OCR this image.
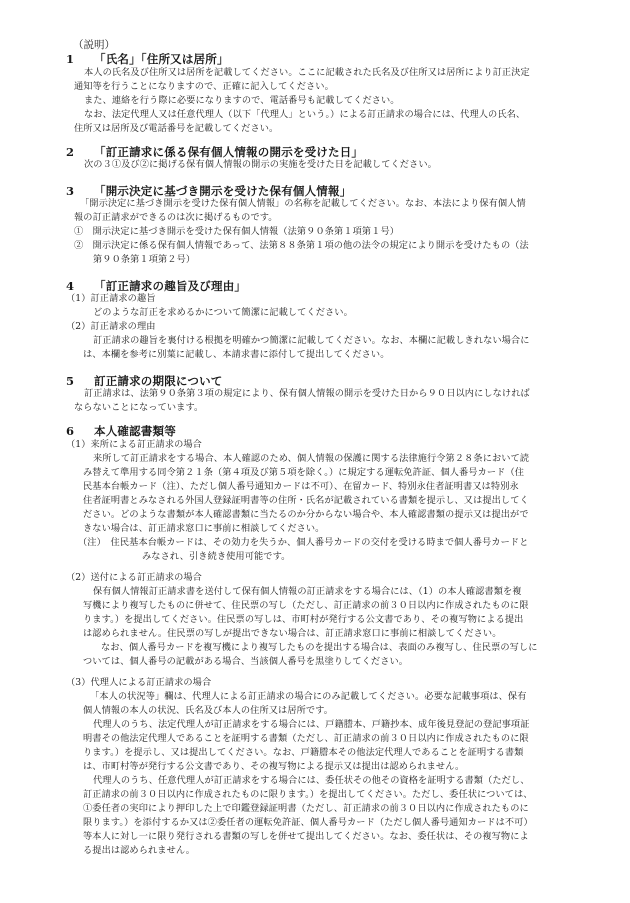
（説明）
1 「氏名」「住所又は居所」
本人の氏名及び住所又は居所を記載してください。ここに記載された氏名及び住所又は居所により訂正決定
通知等を行うことになりますので、正確に記入してください。
また、連絡を行う際に必要になりますので、電話番号も記載してください。
なお、法定代理人又は任意代理人（以下「代理人」という。）による訂正請求の場合には、代理人の氏名、
住所又は居所及び電話番号を記載してください。
2 「訂正請求に係る保有個人情報の開示を受けた日」
次の３①及び②に掲げる保有個人情報の開示の実施を受けた日を記載してください。
3 「開示決定に基づき開示を受けた保有個人情報」
「開示決定に基づき開示を受けた保有個人情報」の名称を記載してください。なお、本法により保有個人情
報の訂正請求ができるのは次に掲げるものです。
①　開示決定に基づき開示を受けた保有個人情報（法第９０条第１項第１号）
②　開示決定に係る保有個人情報であって、法第８８条第１項の他の法令の規定により開示を受けたもの（法
第９０条第１項第２号）
4 「訂正請求の趣旨及び理由」
（1）訂正請求の趣旨
どのような訂正を求めるかについて簡潔に記載してください。
（2）訂正請求の理由
訂正請求の趣旨を裏付ける根拠を明確かつ簡潔に記載してください。なお、本欄に記載しきれない場合に
は、本欄を参考に別葉に記載し、本請求書に添付して提出してください。
5 訂正請求の期限について
訂正請求は、法第９０条第３項の規定により、保有個人情報の開示を受けた日から９０日以内にしなければ
ならないことになっています。
6 本人確認書類等
（1）来所による訂正請求の場合
来所して訂正請求をする場合、本人確認のため、個人情報の保護に関する法律施行令第２８条において読
み替えて準用する同令第２１条（第４項及び第５項を除く。）に規定する運転免許証、個人番号カード（住
民基本台帳カード（注）、ただし個人番号通知カードは不可）、在留カード、特別永住者証明書又は特別永
住者証明書とみなされる外国人登録証明書等の住所・氏名が記載されている書類を提示し、又は提出してく
ださい。どのような書類が本人確認書類に当たるのか分からない場合や、本人確認書類の提示又は提出がで
きない場合は、訂正請求窓口に事前に相談してください。
（注）　住民基本台帳カードは、その効力を失うか、個人番号カードの交付を受ける時まで個人番号カードと
みなされ、引き続き使用可能です。
（2）送付による訂正請求の場合
保有個人情報訂正請求書を送付して保有個人情報の訂正請求をする場合には、（1）の本人確認書類を複
写機により複写したものに併せて、住民票の写し（ただし、訂正請求の前３０日以内に作成されたものに限
ります。）を提出してください。住民票の写しは、市町村が発行する公文書であり、その複写物による提出
は認められません。住民票の写しが提出できない場合は、訂正請求窓口に事前に相談してください。
なお、個人番号カードを複写機により複写したものを提出する場合は、表面のみ複写し、住民票の写しに
ついては、個人番号の記載がある場合、当該個人番号を黒塗りしてください。
（3）代理人による訂正請求の場合
「本人の状況等」欄は、代理人による訂正請求の場合にのみ記載してください。必要な記載事項は、保有
個人情報の本人の状況、氏名及び本人の住所又は居所です。
代理人のうち、法定代理人が訂正請求をする場合には、戸籍謄本、戸籍抄本、成年後見登記の登記事項証
明書その他法定代理人であることを証明する書類（ただし、訂正請求の前３０日以内に作成されたものに限
ります。）を提示し、又は提出してください。なお、戸籍謄本その他法定代理人であることを証明する書類
は、市町村等が発行する公文書であり、その複写物による提示又は提出は認められません。
代理人のうち、任意代理人が訂正請求をする場合には、委任状その他その資格を証明する書類（ただし、
訂正請求の前３０日以内に作成されたものに限ります。）を提出してください。ただし、委任状については、
①委任者の実印により押印した上で印鑑登録証明書（ただし、訂正請求の前３０日以内に作成されたものに
限ります。）を添付するか又は②委任者の運転免許証、個人番号カード（ただし個人番号通知カードは不可）
等本人に対し一に限り発行される書類の写しを併せて提出してください。なお、委任状は、その複写物によ
る提出は認められません。
